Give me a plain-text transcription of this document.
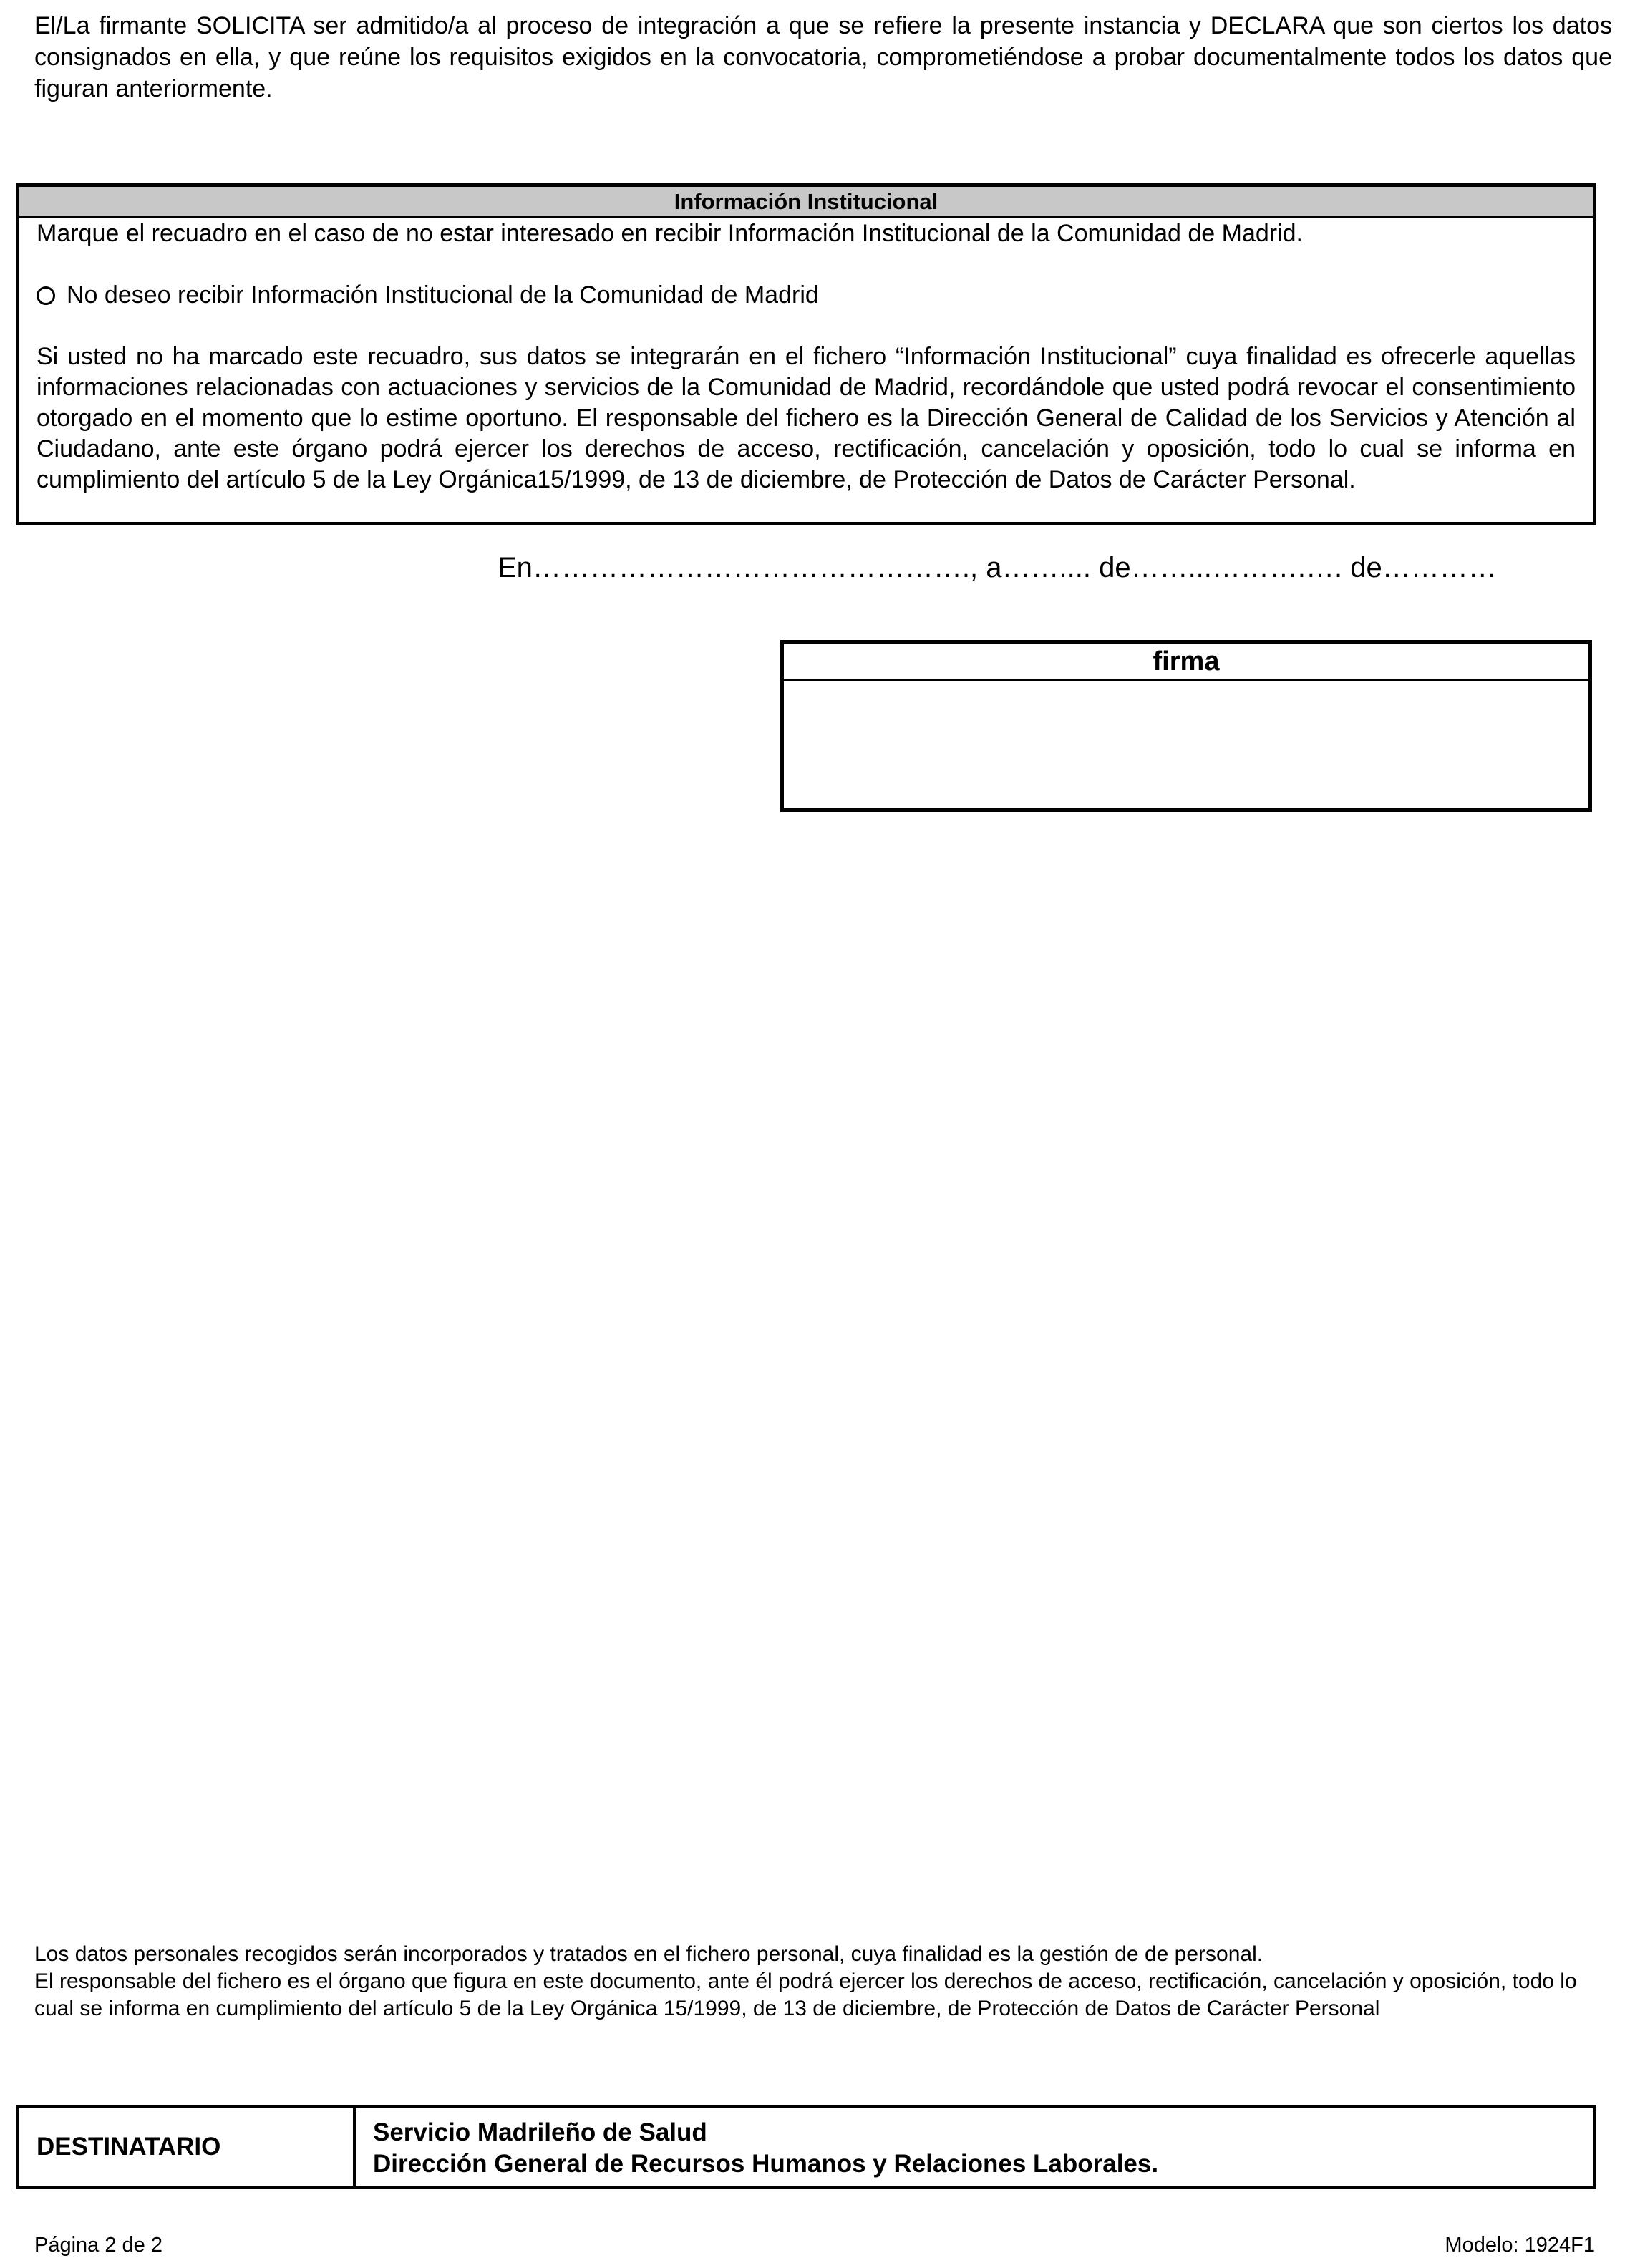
El/La firmante SOLICITA ser admitido/a al proceso de integración a que se refiere la presente instancia y DECLARA que son ciertos los datos consignados en ella, y que reúne los requisitos exigidos en la convocatoria, comprometiéndose a probar documentalmente todos los datos que figuran anteriormente.
Información Institucional

Marque el recuadro en el caso de no estar interesado en recibir Información Institucional de la Comunidad de Madrid.

No deseo recibir Información Institucional de la Comunidad de Madrid

Si usted no ha marcado este recuadro, sus datos se integrarán en el fichero “Información Institucional” cuya finalidad es ofrecerle aquellas informaciones relacionadas con actuaciones y servicios de la Comunidad de Madrid, recordándole que usted podrá revocar el consentimiento otorgado en el momento que lo estime oportuno. El responsable del fichero es la Dirección General de Calidad de los Servicios y Atención al Ciudadano, ante este órgano podrá ejercer los derechos de acceso, rectificación, cancelación y oposición, todo lo cual se informa en cumplimiento del artículo 5 de la Ley Orgánica15/1999, de 13 de diciembre, de Protección de Datos de Carácter Personal.

En………………………………………., a…….... de……...……….…. de…………
firma

Los datos personales recogidos serán incorporados y tratados en el fichero personal, cuya finalidad es la gestión de de personal.

El responsable del fichero es el órgano que figura en este documento, ante él podrá ejercer los derechos de acceso, rectificación, cancelación y oposición, todo lo cual se informa en cumplimiento del artículo 5 de la Ley Orgánica 15/1999, de 13 de diciembre, de Protección de Datos de Carácter Personal

DESTINATARIO
Servicio Madrileño de Salud
Dirección General de Recursos Humanos y Relaciones Laborales.
Página 2 de 2	Modelo: 1924F1
